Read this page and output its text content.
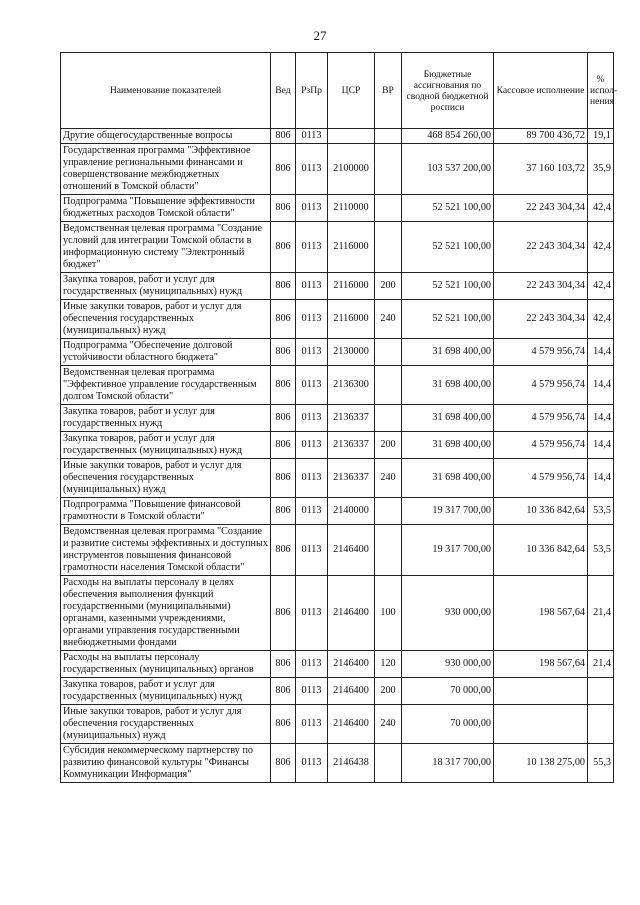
27
Наименование показателей	Вед	РзПр	ЦСР	ВР	Бюджетные ассигнования по сводной бюджетной росписи	Кассовое исполнение	% испол-нения
Другие общегосударственные вопросы	806	0113			468 854 260,00	89 700 436,72	19,1
Государственная программа "Эффективное управление региональными финансами и совершенствование межбюджетных отношений в Томской области"	806	0113	2100000		103 537 200,00	37 160 103,72	35,9
Подпрограмма "Повышение эффективности бюджетных расходов Томской области"	806	0113	2110000		52 521 100,00	22 243 304,34	42,4
Ведомственная целевая программа "Создание условий для интеграции Томской области в информационную систему "Электронный бюджет"	806	0113	2116000		52 521 100,00	22 243 304,34	42,4
Закупка товаров, работ и услуг для государственных (муниципальных) нужд	806	0113	2116000	200	52 521 100,00	22 243 304,34	42,4
Иные закупки товаров, работ и услуг для обеспечения государственных (муниципальных) нужд	806	0113	2116000	240	52 521 100,00	22 243 304,34	42,4
Подпрограмма "Обеспечение долговой устойчивости областного бюджета"	806	0113	2130000		31 698 400,00	4 579 956,74	14,4
Ведомственная целевая программа "Эффективное управление государственным долгом Томской области"	806	0113	2136300		31 698 400,00	4 579 956,74	14,4
Закупка товаров, работ и услуг для государственных нужд	806	0113	2136337		31 698 400,00	4 579 956,74	14,4
Закупка товаров, работ и услуг для государственных (муниципальных) нужд	806	0113	2136337	200	31 698 400,00	4 579 956,74	14,4
Иные закупки товаров, работ и услуг для обеспечения государственных (муниципальных) нужд	806	0113	2136337	240	31 698 400,00	4 579 956,74	14,4
Подпрограмма "Повышение финансовой грамотности в Томской области"	806	0113	2140000		19 317 700,00	10 336 842,64	53,5
Ведомственная целевая программа "Создание и развитие системы эффективных и доступных инструментов повышения финансовой грамотности населения Томской области"	806	0113	2146400		19 317 700,00	10 336 842,64	53,5
Расходы на выплаты персоналу в целях обеспечения выполнения функций государственными (муниципальными) органами, казенными учреждениями, органами управления государственными внебюджетными фондами	806	0113	2146400	100	930 000,00	198 567,64	21,4
Расходы на выплаты персоналу государственных (муниципальных) органов	806	0113	2146400	120	930 000,00	198 567,64	21,4
Закупка товаров, работ и услуг для государственных (муниципальных) нужд	806	0113	2146400	200	70 000,00		
Иные закупки товаров, работ и услуг для обеспечения государственных (муниципальных) нужд	806	0113	2146400	240	70 000,00		
Субсидия некоммерческому партнерству по развитию финансовой культуры "Финансы Коммуникации Информация"	806	0113	2146438		18 317 700,00	10 138 275,00	55,3
